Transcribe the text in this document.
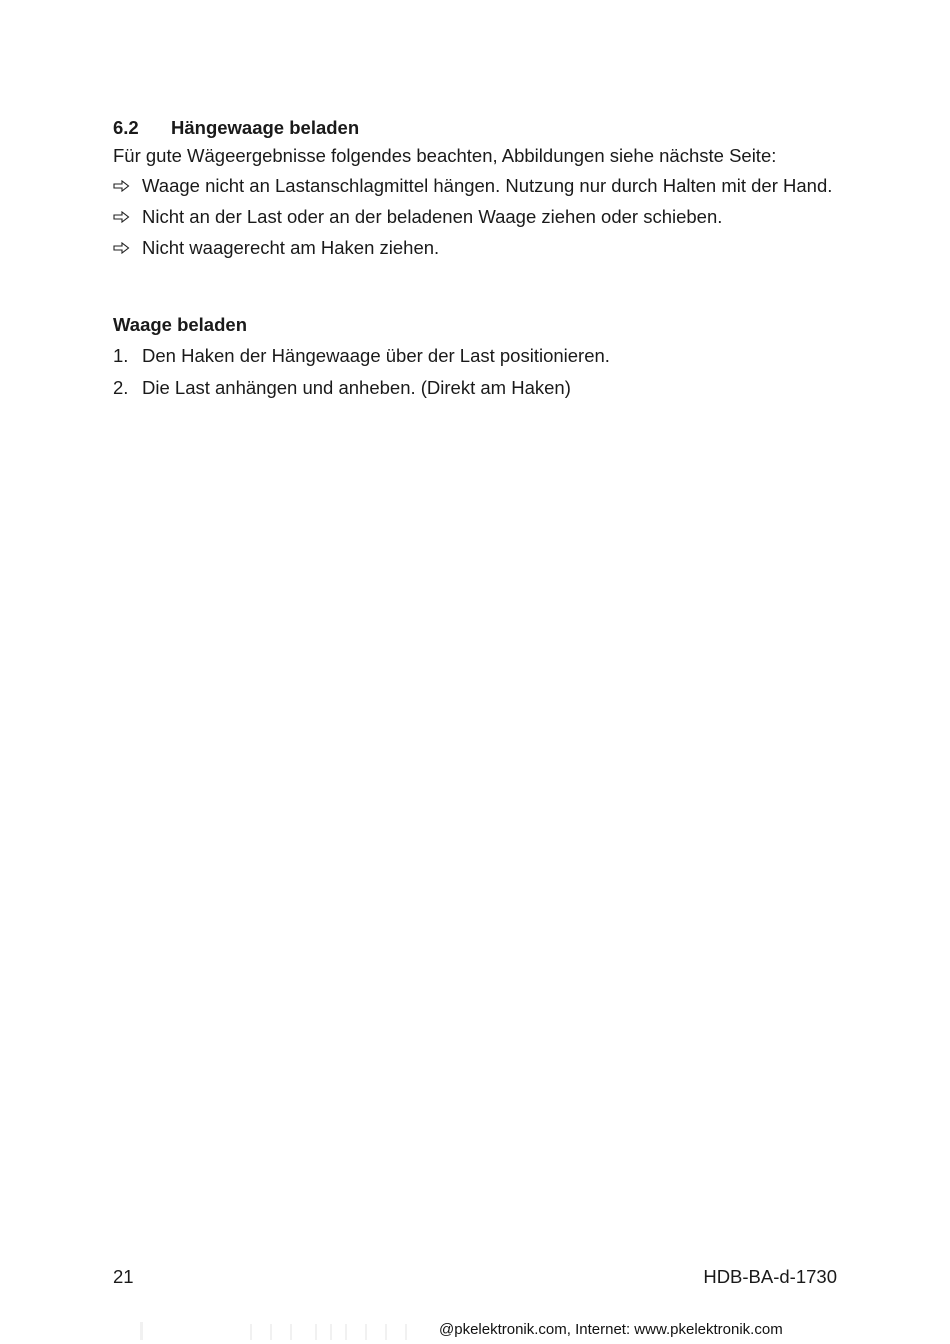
6.2 Hängewaage beladen
Für gute Wägeergebnisse folgendes beachten, Abbildungen siehe nächste Seite:
Waage nicht an Lastanschlagmittel hängen. Nutzung nur durch Halten mit der Hand.
Nicht an der Last oder an der beladenen Waage ziehen oder schieben.
Nicht waagerecht am Haken ziehen.
Waage beladen
1. Den Haken der Hängewaage über der Last positionieren.
2. Die Last anhängen und anheben. (Direkt am Haken)
21	HDB-BA-d-1730
 @pkelektronik.com, Internet: www.pkelektronik.com
